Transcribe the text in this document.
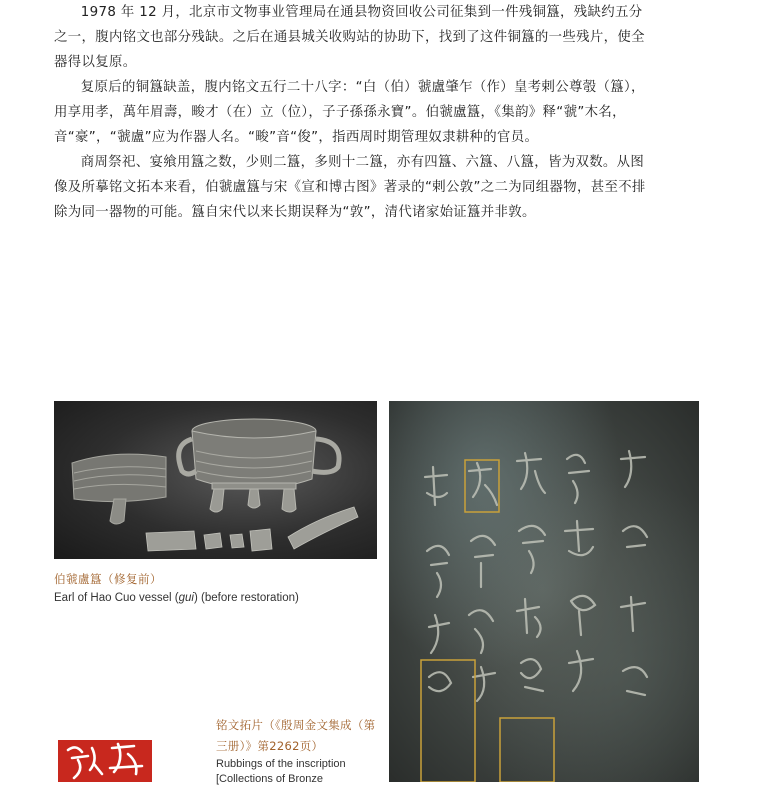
1978 年 12 月，北京市文物事业管理局在通县物资回收公司征集到一件残铜簋，残缺约五分之一，腹内铭文也部分残缺。之后在通县城关收购站的协助下，找到了这件铜簋的一些残片，使全器得以复原。

复原后的铜簋缺盖，腹内铭文五行二十八字：“白（伯）虢盧肇乍（作）皇考剌公尊彀（簋），用享用孝，萬年眉壽，畯才（在）立（位），子子孫孫永寶”。伯虢盧簋，《集韵》释“虢”木名，音“豪”，“虢盧”应为作器人名。“畯”音“俊”，指西周时期管理奴隶耕种的官员。

商周祭祀、宴飨用簋之数，少则二簋，多则十二簋，亦有四簋、六簋、八簋，皆为双数。从图像及所摹铭文拓本来看，伯虢盧簋与宋《宣和博古图》著录的“剌公敦”之二为同组器物，甚至不排除为同一器物的可能。簋自宋代以来长期误释为“敦”，清代诸家始证簋并非敦。

伯虢盧簋（修复前）

Earl of Hao Cuo vessel (gui) (before restoration)

铭文拓片（《殷周金文集成（第三册）》第2262页）

Rubbings of the inscription [Collections of Bronze
